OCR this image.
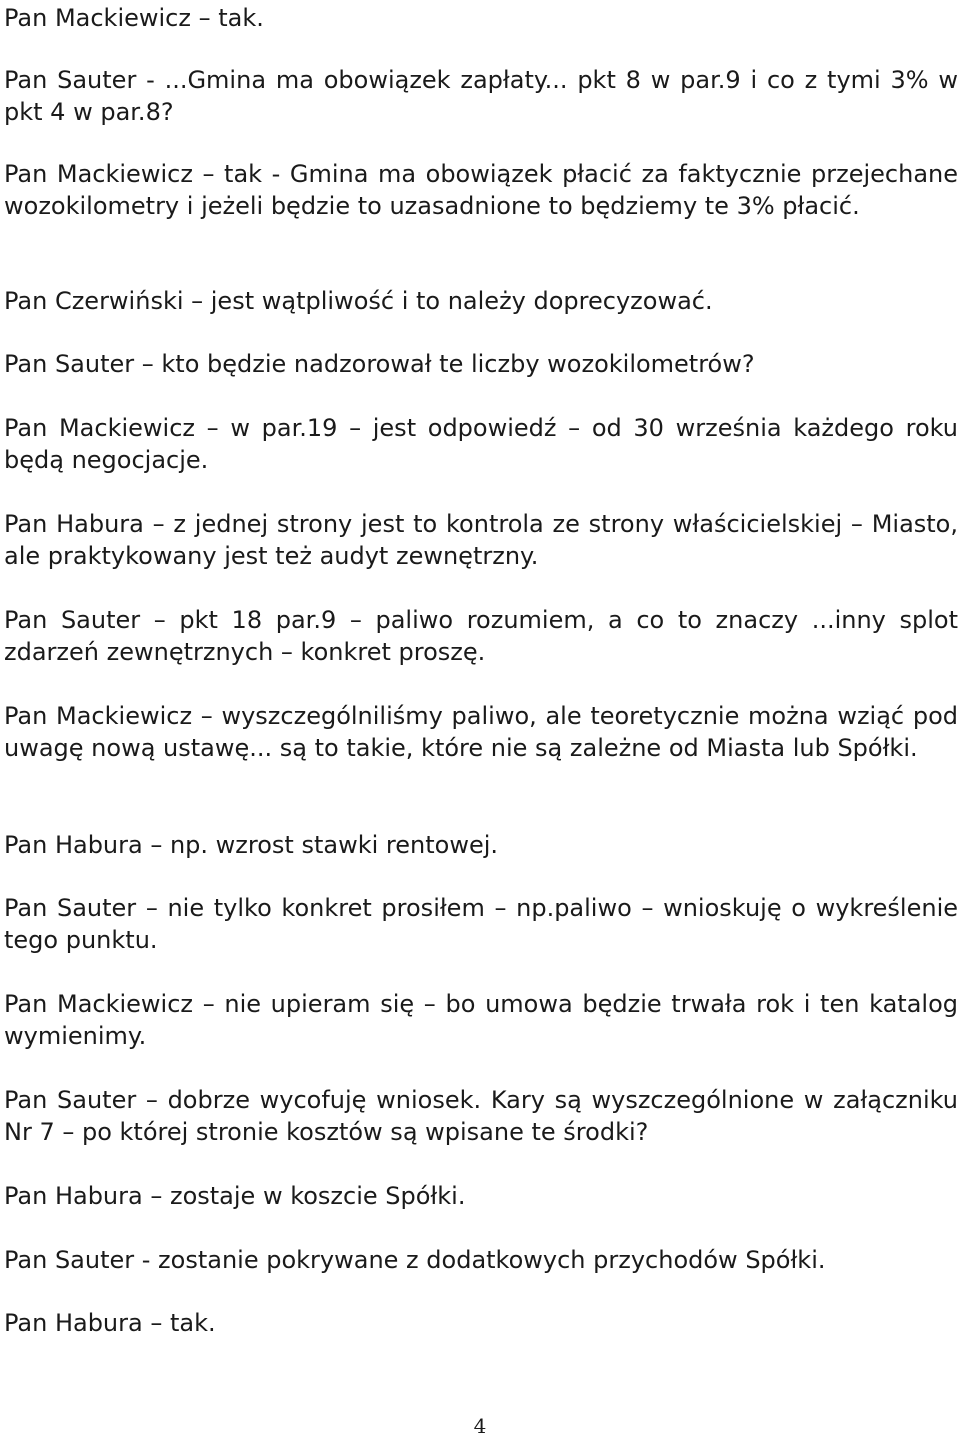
Pan Mackiewicz – tak.

Pan Sauter - ...Gmina ma obowiązek zapłaty... pkt 8 w par.9 i co z tymi 3% w pkt 4 w par.8?

Pan Mackiewicz – tak - Gmina ma obowiązek płacić za faktycznie przejechane wozokilometry i jeżeli będzie to uzasadnione to będziemy te 3% płacić.

Pan Czerwiński – jest wątpliwość i to należy doprecyzować.

Pan Sauter – kto będzie nadzorował te liczby wozokilometrów?

Pan Mackiewicz – w par.19 – jest odpowiedź – od 30 września każdego roku będą negocjacje.

Pan Habura – z jednej strony jest to kontrola ze strony właścicielskiej – Miasto, ale praktykowany jest też audyt zewnętrzny.

Pan Sauter – pkt 18 par.9 – paliwo rozumiem, a co to znaczy ...inny splot zdarzeń zewnętrznych – konkret proszę.

Pan Mackiewicz – wyszczególniliśmy paliwo, ale teoretycznie można wziąć pod uwagę nową ustawę... są to takie, które nie są zależne od Miasta lub Spółki.

Pan Habura – np. wzrost stawki rentowej.

Pan Sauter – nie tylko konkret prosiłem – np.paliwo – wnioskuję o wykreślenie tego punktu.

Pan Mackiewicz – nie upieram się – bo umowa będzie trwała rok i ten katalog wymienimy.

Pan Sauter – dobrze wycofuję wniosek. Kary są wyszczególnione w załączniku Nr 7 – po której stronie kosztów są wpisane te środki?

Pan Habura – zostaje w koszcie Spółki.

Pan Sauter - zostanie pokrywane z dodatkowych przychodów Spółki.

Pan Habura – tak.

4
